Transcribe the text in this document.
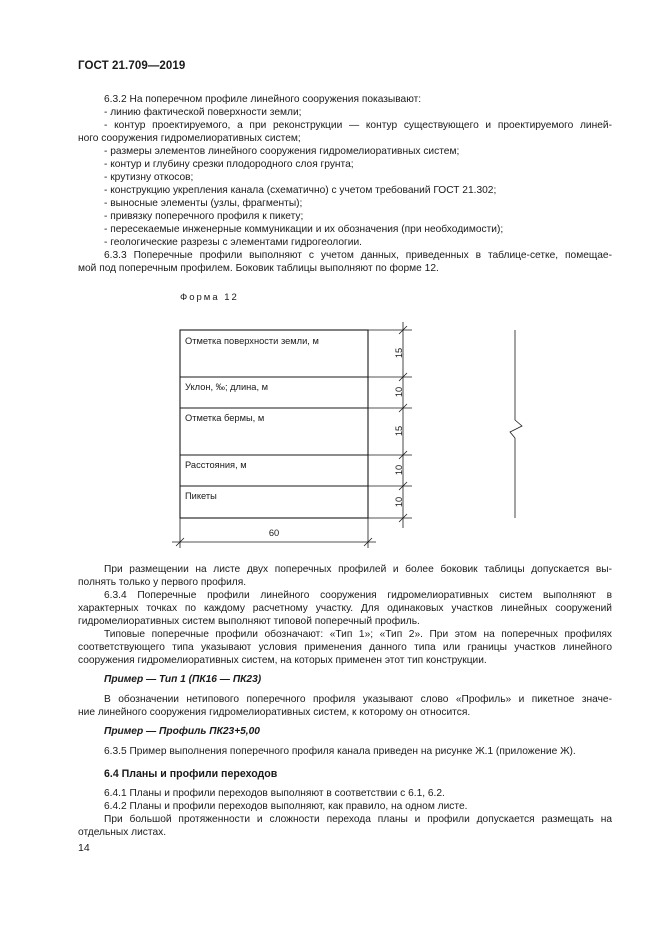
ГОСТ 21.709—2019
6.3.2 На поперечном профиле линейного сооружения показывают:
- линию фактической поверхности земли;
- контур проектируемого, а при реконструкции — контур существующего и проектируемого линей-
ного сооружения гидромелиоративных систем;
- размеры элементов линейного сооружения гидромелиоративных систем;
- контур и глубину срезки плодородного слоя грунта;
- крутизну откосов;
- конструкцию укрепления канала (схематично) с учетом требований ГОСТ 21.302;
- выносные элементы (узлы, фрагменты);
- привязку поперечного профиля к пикету;
- пересекаемые инженерные коммуникации и их обозначения (при необходимости);
- геологические разрезы с элементами гидрогеологии.
6.3.3 Поперечные профили выполняют с учетом данных, приведенных в таблице-сетке, помещае-
мой под поперечным профилем. Боковик таблицы выполняют по форме 12.
Форма 12
Отметка поверхности земли, м
Уклон, ‰; длина, м
Отметка бермы, м
Расстояния, м
Пикеты
15
10
15
10
10
60
При размещении на листе двух поперечных профилей и более боковик таблицы допускается вы-
полнять только у первого профиля.
6.3.4 Поперечные профили линейного сооружения гидромелиоративных систем выполняют в
характерных точках по каждому расчетному участку. Для одинаковых участков линейных сооружений
гидромелиоративных систем выполняют типовой поперечный профиль.
Типовые поперечные профили обозначают: «Тип 1»; «Тип 2». При этом на поперечных профилях
соответствующего типа указывают условия применения данного типа или границы участков линейного
сооружения гидромелиоративных систем, на которых применен этот тип конструкции.
Пример — Тип 1 (ПК16 — ПК23)
В обозначении нетипового поперечного профиля указывают слово «Профиль» и пикетное значе-
ние линейного сооружения гидромелиоративных систем, к которому он относится.
Пример — Профиль ПК23+5,00
6.3.5 Пример выполнения поперечного профиля канала приведен на рисунке Ж.1 (приложение Ж).
6.4 Планы и профили переходов
6.4.1 Планы и профили переходов выполняют в соответствии с 6.1, 6.2.
6.4.2 Планы и профили переходов выполняют, как правило, на одном листе.
При большой протяженности и сложности перехода планы и профили допускается размещать на
отдельных листах.
14
